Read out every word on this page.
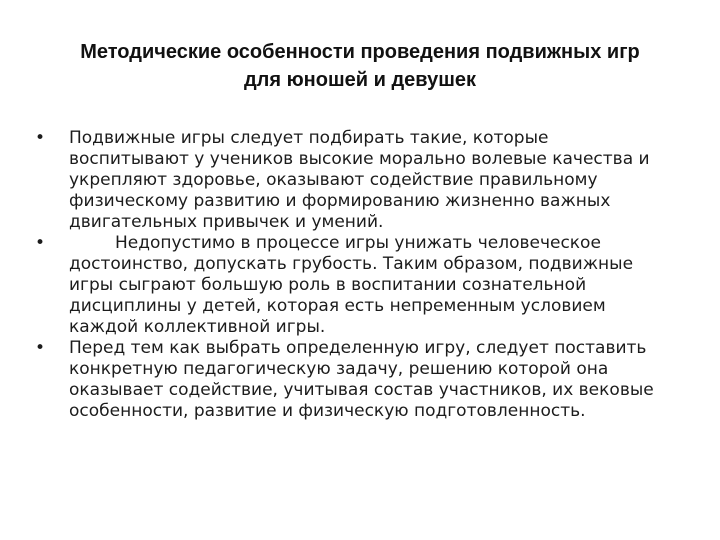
Методические особенности проведения подвижных игр
для юношей и девушек
• Подвижные игры следует подбирать такие, которые
воспитывают у учеников высокие морально волевые качества и
укрепляют здоровье, оказывают содействие правильному
физическому развитию и формированию жизненно важных
двигательных привычек и умений.
•	Недопустимо в процессе игры унижать человеческое
достоинство, допускать грубость. Таким образом, подвижные
игры сыграют большую роль в воспитании сознательной
дисциплины у детей, которая есть непременным условием
каждой коллективной игры.
• Перед тем как выбрать определенную игру, следует поставить
конкретную педагогическую задачу, решению которой она
оказывает содействие, учитывая состав участников, их вековые
особенности, развитие и физическую подготовленность.
